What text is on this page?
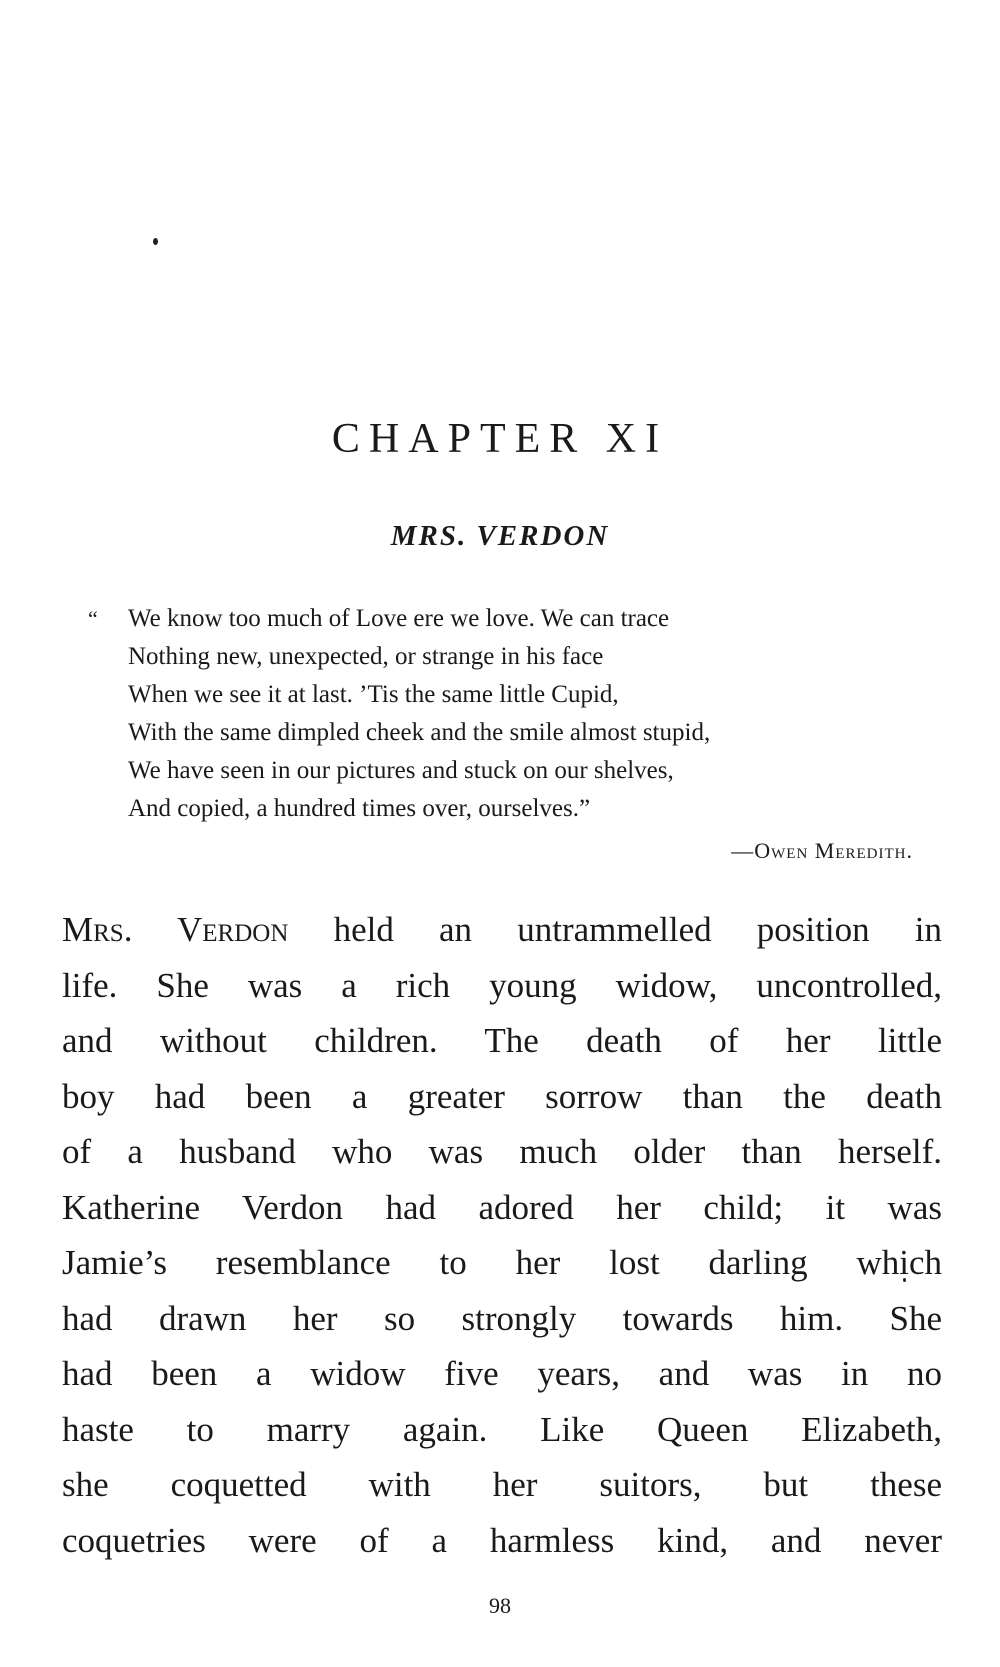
CHAPTER XI
MRS. VERDON
“ We know too much of Love ere we love. We can trace
Nothing new, unexpected, or strange in his face
When we see it at last. ’Tis the same little Cupid,
With the same dimpled cheek and the smile almost stupid,
We have seen in our pictures and stuck on our shelves,
And copied, a hundred times over, ourselves.”
—Owen Meredith.
Mrs. Verdon held an untrammelled position in
life. She was a rich young widow, uncontrolled,
and without children. The death of her little
boy had been a greater sorrow than the death
of a husband who was much older than herself.
Katherine Verdon had adored her child; it was
Jamie’s resemblance to her lost darling which
had drawn her so strongly towards him. She
had been a widow five years, and was in no
haste to marry again. Like Queen Elizabeth,
she coquetted with her suitors, but these
coquetries were of a harmless kind, and never
98
